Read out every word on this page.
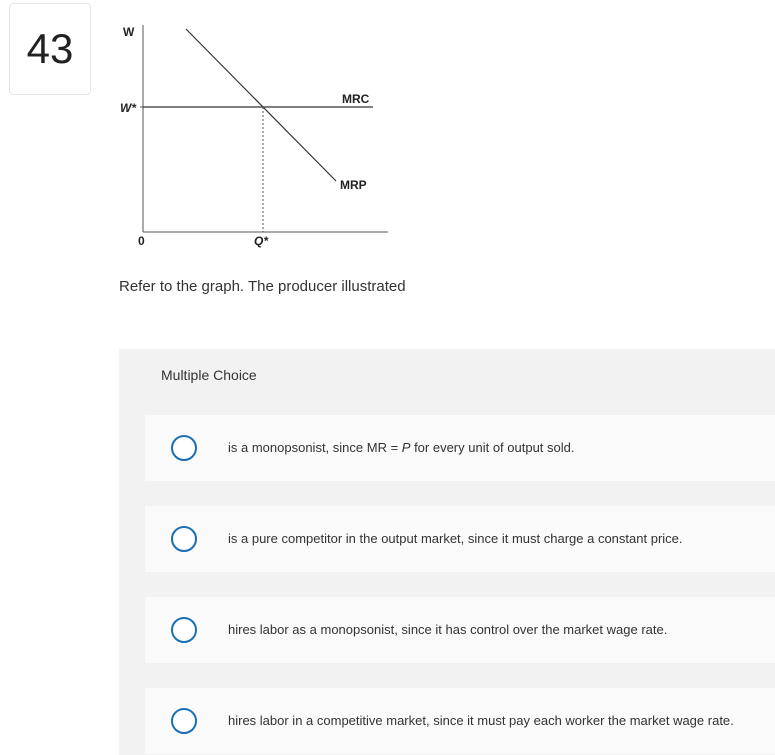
43	W
W*
0	Q*
MRC
MRP
Refer to the graph. The producer illustrated
Multiple Choice
is a monopsonist, since MR = P for every unit of output sold.
is a pure competitor in the output market, since it must charge a constant price.
hires labor as a monopsonist, since it has control over the market wage rate.
hires labor in a competitive market, since it must pay each worker the market wage rate.
